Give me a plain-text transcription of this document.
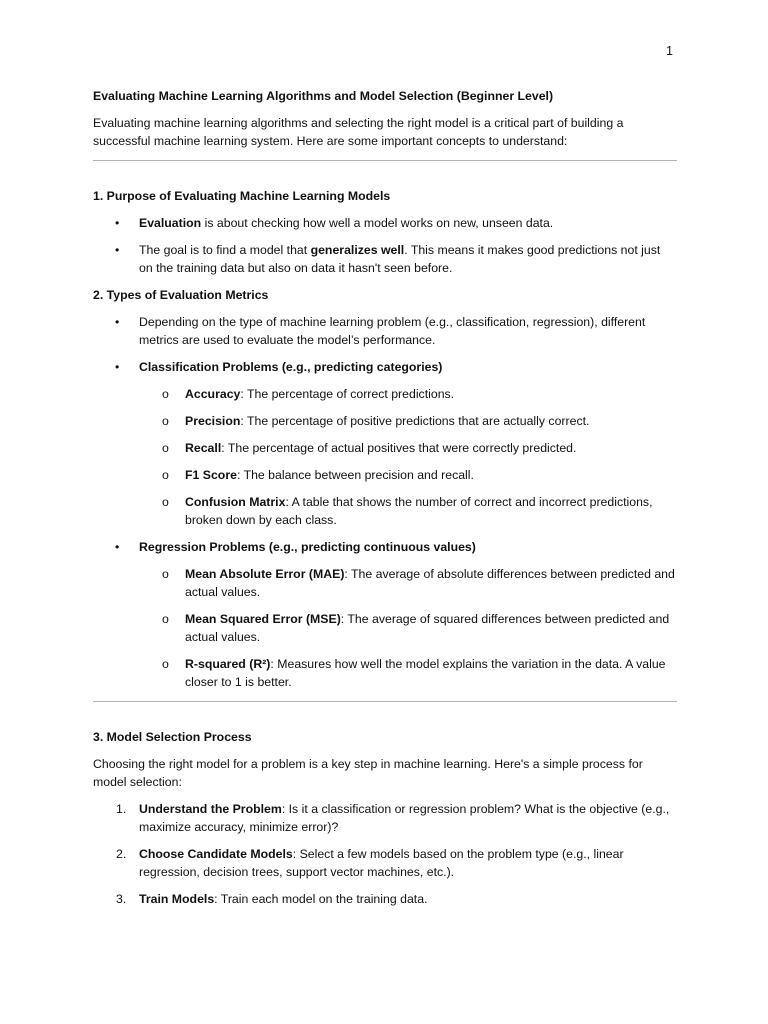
1

Evaluating Machine Learning Algorithms and Model Selection (Beginner Level)

Evaluating machine learning algorithms and selecting the right model is a critical part of building a successful machine learning system. Here are some important concepts to understand:

1. Purpose of Evaluating Machine Learning Models

• Evaluation is about checking how well a model works on new, unseen data.
• The goal is to find a model that generalizes well. This means it makes good predictions not just on the training data but also on data it hasn't seen before.

2. Types of Evaluation Metrics

• Depending on the type of machine learning problem (e.g., classification, regression), different metrics are used to evaluate the model’s performance.
• Classification Problems (e.g., predicting categories)
o Accuracy: The percentage of correct predictions.
o Precision: The percentage of positive predictions that are actually correct.
o Recall: The percentage of actual positives that were correctly predicted.
o F1 Score: The balance between precision and recall.
o Confusion Matrix: A table that shows the number of correct and incorrect predictions, broken down by each class.
• Regression Problems (e.g., predicting continuous values)
o Mean Absolute Error (MAE): The average of absolute differences between predicted and actual values.
o Mean Squared Error (MSE): The average of squared differences between predicted and actual values.
o R-squared (R²): Measures how well the model explains the variation in the data. A value closer to 1 is better.

3. Model Selection Process

Choosing the right model for a problem is a key step in machine learning. Here's a simple process for model selection:

1. Understand the Problem: Is it a classification or regression problem? What is the objective (e.g., maximize accuracy, minimize error)?
2. Choose Candidate Models: Select a few models based on the problem type (e.g., linear regression, decision trees, support vector machines, etc.).
3. Train Models: Train each model on the training data.
